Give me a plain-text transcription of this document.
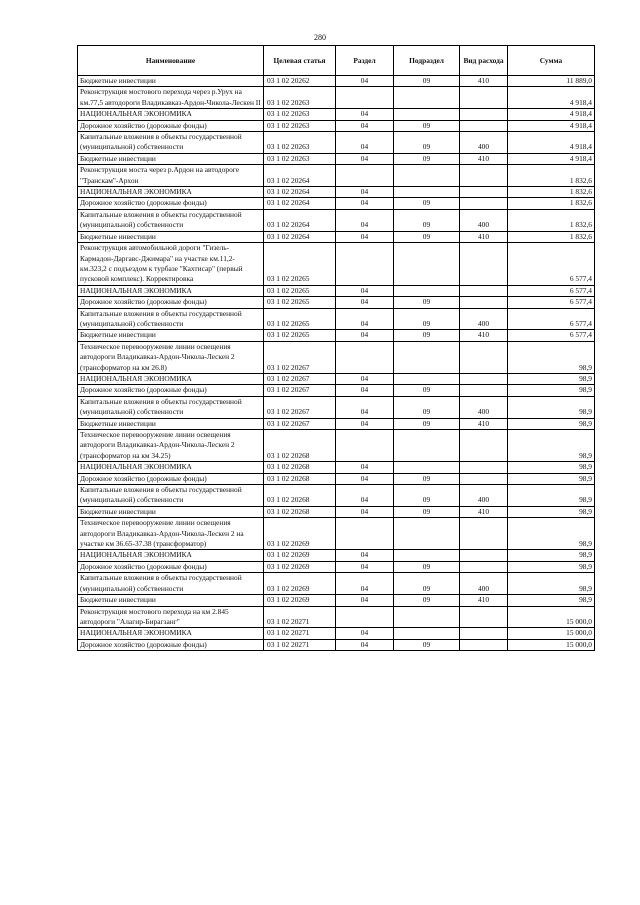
280
Наименование	Целевая статья	Раздел	Подраздел	Вид расхода	Сумма
Бюджетные инвестиции	03 1 02 20262	04	09	410	11 889,0
Реконструкция мостового перехода через р.Урух на км.77,5 автодороги Владикавказ-Ардон-Чикола-Лескен II	03 1 02 20263				4 918,4
НАЦИОНАЛЬНАЯ ЭКОНОМИКА	03 1 02 20263	04			4 918,4
Дорожное хозяйство (дорожные фонды)	03 1 02 20263	04	09		4 918,4
Капитальные вложения в объекты государственной (муниципальной) собственности	03 1 02 20263	04	09	400	4 918,4
Бюджетные инвестиции	03 1 02 20263	04	09	410	4 918,4
Реконструкция моста через р.Ардон на автодороге "Транскам"-Архон	03 1 02 20264				1 832,6
НАЦИОНАЛЬНАЯ ЭКОНОМИКА	03 1 02 20264	04			1 832,6
Дорожное хозяйство (дорожные фонды)	03 1 02 20264	04	09		1 832,6
Капитальные вложения в объекты государственной (муниципальной) собственности	03 1 02 20264	04	09	400	1 832,6
Бюджетные инвестиции	03 1 02 20264	04	09	410	1 832,6
Реконструкция автомобильной дороги "Гизель-Кармадон-Даргавс-Джимара" на участке км.11,2-км.323,2 с подъездом к турбазе "Кахтисар" (первый пусковой комплекс). Корректировка	03 1 02 20265				6 577,4
НАЦИОНАЛЬНАЯ ЭКОНОМИКА	03 1 02 20265	04			6 577,4
Дорожное хозяйство (дорожные фонды)	03 1 02 20265	04	09		6 577,4
Капитальные вложения в объекты государственной (муниципальной) собственности	03 1 02 20265	04	09	400	6 577,4
Бюджетные инвестиции	03 1 02 20265	04	09	410	6 577,4
Техническое перевооружение линии освещения автодороги Владикавказ-Ардон-Чикола-Лескен 2 (трансформатор на км 26.8)	03 1 02 20267				98,9
НАЦИОНАЛЬНАЯ ЭКОНОМИКА	03 1 02 20267	04			98,9
Дорожное хозяйство (дорожные фонды)	03 1 02 20267	04	09		98,9
Капитальные вложения в объекты государственной (муниципальной) собственности	03 1 02 20267	04	09	400	98,9
Бюджетные инвестиции	03 1 02 20267	04	09	410	98,9
Техническое перевооружение линии освещения автодороги Владикавказ-Ардон-Чикола-Лескен 2 (трансформатор на км 34.25)	03 1 02 20268				98,9
НАЦИОНАЛЬНАЯ ЭКОНОМИКА	03 1 02 20268	04			98,9
Дорожное хозяйство (дорожные фонды)	03 1 02 20268	04	09		98,9
Капитальные вложения в объекты государственной (муниципальной) собственности	03 1 02 20268	04	09	400	98,9
Бюджетные инвестиции	03 1 02 20268	04	09	410	98,9
Техническое перевооружение линии освещения автодороги Владикавказ-Ардон-Чикола-Лескен 2 на участке км 36.65-37.38 (трансформатор)	03 1 02 20269				98,9
НАЦИОНАЛЬНАЯ ЭКОНОМИКА	03 1 02 20269	04			98,9
Дорожное хозяйство (дорожные фонды)	03 1 02 20269	04	09		98,9
Капитальные вложения в объекты государственной (муниципальной) собственности	03 1 02 20269	04	09	400	98,9
Бюджетные инвестиции	03 1 02 20269	04	09	410	98,9
Реконструкция мостового перехода на км 2.845 автодороги "Алагир-Бирагзанг"	03 1 02 20271				15 000,0
НАЦИОНАЛЬНАЯ ЭКОНОМИКА	03 1 02 20271	04			15 000,0
Дорожное хозяйство (дорожные фонды)	03 1 02 20271	04	09		15 000,0
